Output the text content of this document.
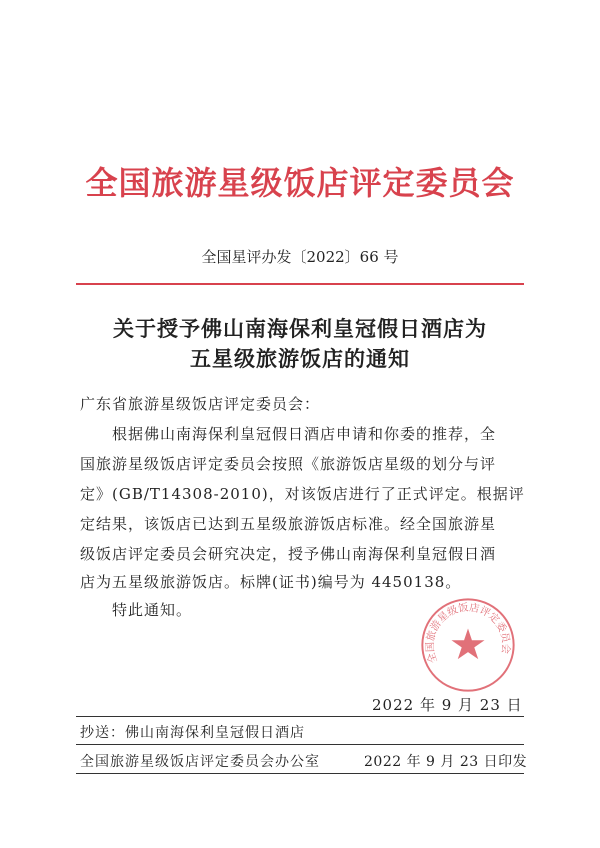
全国旅游星级饭店评定委员会
全国星评办发〔2022〕66 号
关于授予佛山南海保利皇冠假日酒店为
五星级旅游饭店的通知
广东省旅游星级饭店评定委员会：
　　根据佛山南海保利皇冠假日酒店申请和你委的推荐，全
国旅游星级饭店评定委员会按照《旅游饭店星级的划分与评
定》(GB/T14308-2010)，对该饭店进行了正式评定。根据评
定结果，该饭店已达到五星级旅游饭店标准。经全国旅游星
级饭店评定委员会研究决定，授予佛山南海保利皇冠假日酒
店为五星级旅游饭店。标牌(证书)编号为 4450138。
　　特此通知。
全国旅游星级饭店评定委员会
2022 年 9 月 23 日
抄送：佛山南海保利皇冠假日酒店
全国旅游星级饭店评定委员会办公室	2022 年 9 月 23 日印发
